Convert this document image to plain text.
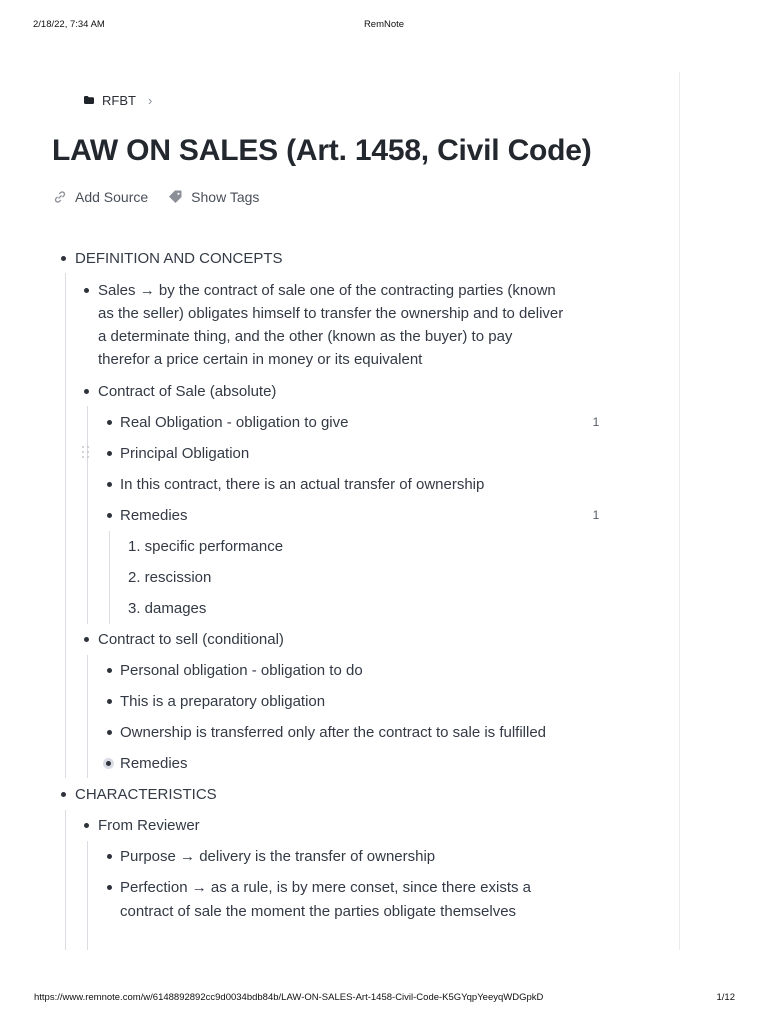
2/18/22, 7:34 AM	RemNote
RFBT ›
LAW ON SALES (Art. 1458, Civil Code)
Add Source	Show Tags
DEFINITION AND CONCEPTS
Sales → by the contract of sale one of the contracting parties (known
as the seller) obligates himself to transfer the ownership and to deliver
a determinate thing, and the other (known as the buyer) to pay
therefor a price certain in money or its equivalent
Contract of Sale (absolute)
Real Obligation - obligation to give	1
Principal Obligation
In this contract, there is an actual transfer of ownership
Remedies	1
1. specific performance
2. rescission
3. damages
Contract to sell (conditional)
Personal obligation - obligation to do
This is a preparatory obligation
Ownership is transferred only after the contract to sale is fulfilled
Remedies
CHARACTERISTICS
From Reviewer
Purpose → delivery is the transfer of ownership
Perfection → as a rule, is by mere conset, since there exists a
contract of sale the moment the parties obligate themselves
https://www.remnote.com/w/6148892892cc9d0034bdb84b/LAW-ON-SALES-Art-1458-Civil-Code-K5GYqpYeeyqWDGpkD	1/12
